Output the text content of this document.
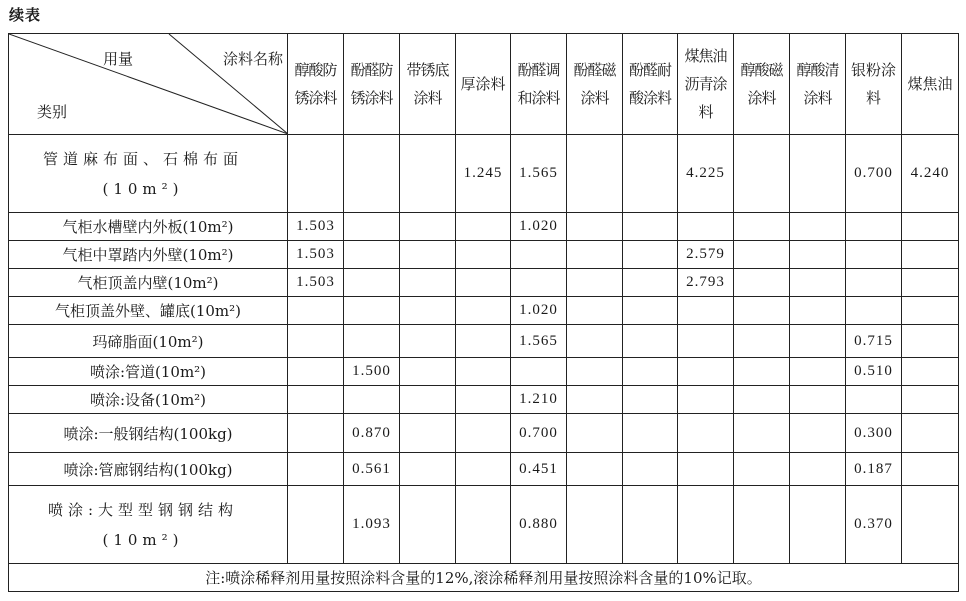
续表
用量 涂料名称
类别	醇酸防锈涂料	酚醛防锈涂料	带锈底涂料	厚涂料	酚醛调和涂料	酚醛磁涂料	酚醛耐酸涂料	煤焦油沥青涂料	醇酸磁涂料	醇酸清涂料	银粉涂料	煤焦油
管道麻布面、石棉布面(10m²)				1.245	1.565			4.225			0.700	4.240
气柜水槽壁内外板(10m²)	1.503				1.020							
气柜中罩踏内外壁(10m²)	1.503							2.579				
气柜顶盖内壁(10m²)	1.503							2.793				
气柜顶盖外壁、罐底(10m²)					1.020							
玛碲脂面(10m²)					1.565						0.715	
喷涂:管道(10m²)		1.500									0.510	
喷涂:设备(10m²)					1.210							
喷涂:一般钢结构(100kg)		0.870			0.700						0.300	
喷涂:管廊钢结构(100kg)		0.561			0.451						0.187	
喷涂:大型型钢钢结构(10m²)		1.093			0.880						0.370	
注:喷涂稀释剂用量按照涂料含量的12%,滚涂稀释剂用量按照涂料含量的10%记取。												
